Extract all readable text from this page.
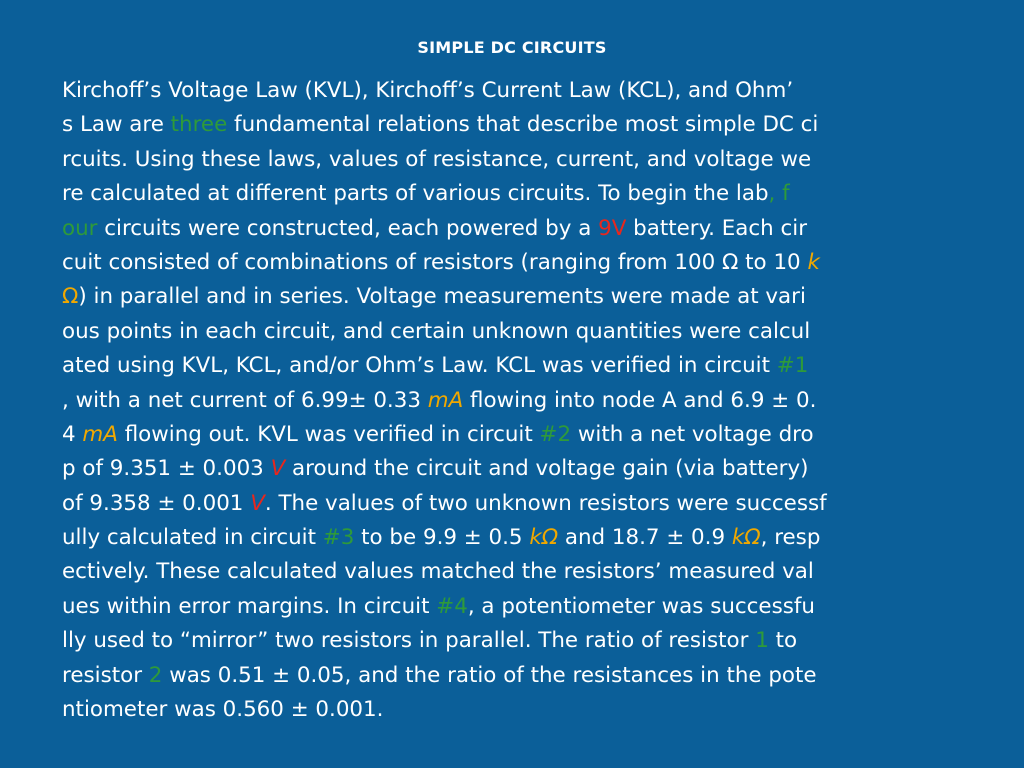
SIMPLE DC CIRCUITS
Kirchoff’s Voltage Law (KVL), Kirchoff’s Current Law (KCL), and Ohm’
s Law are three fundamental relations that describe most simple DC ci
rcuits. Using these laws, values of resistance, current, and voltage we
re calculated at different parts of various circuits. To begin the lab, f
our circuits were constructed, each powered by a 9V battery. Each cir
cuit consisted of combinations of resistors (ranging from 100 Ω to 10 k
Ω) in parallel and in series. Voltage measurements were made at vari
ous points in each circuit, and certain unknown quantities were calcul
ated using KVL, KCL, and/or Ohm’s Law. KCL was verified in circuit #1
, with a net current of 6.99± 0.33 mA flowing into node A and 6.9 ± 0.
4 mA flowing out. KVL was verified in circuit #2 with a net voltage dro
p of 9.351 ± 0.003 V around the circuit and voltage gain (via battery)
of 9.358 ± 0.001 V. The values of two unknown resistors were successf
ully calculated in circuit #3 to be 9.9 ± 0.5 kΩ and 18.7 ± 0.9 kΩ, resp
ectively. These calculated values matched the resistors’ measured val
ues within error margins. In circuit #4, a potentiometer was successfu
lly used to “mirror” two resistors in parallel. The ratio of resistor 1 to
resistor 2 was 0.51 ± 0.05, and the ratio of the resistances in the pote
ntiometer was 0.560 ± 0.001.
